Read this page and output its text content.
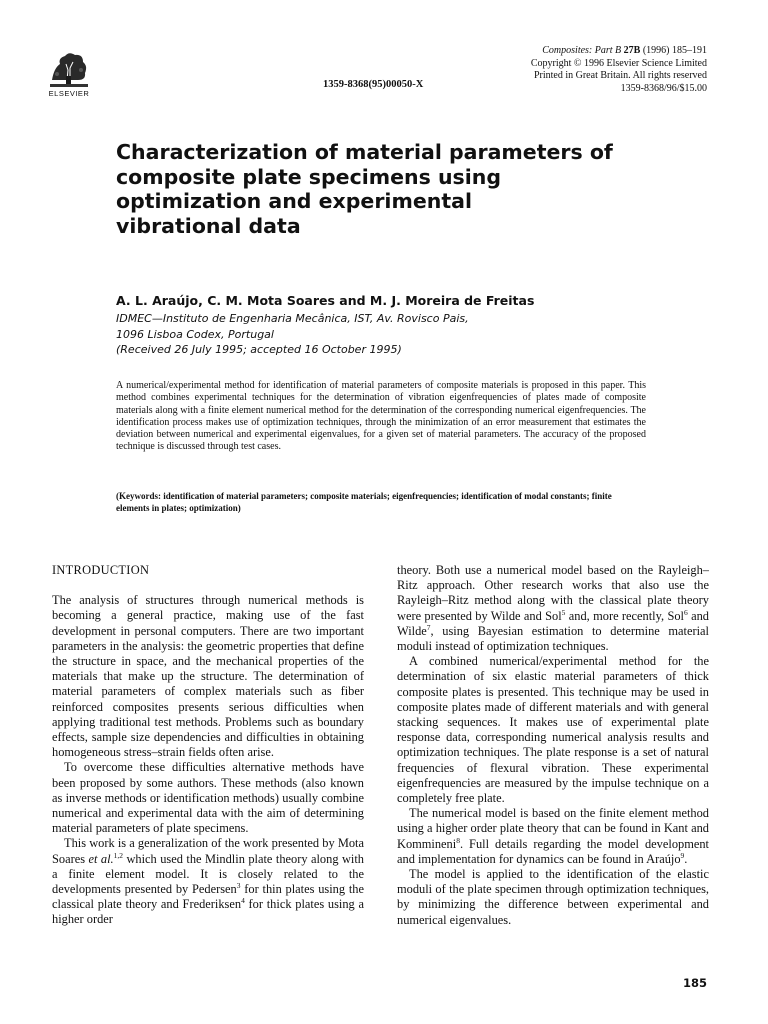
ELSEVIER
1359-8368(95)00050-X
Composites: Part B 27B (1996) 185–191
Copyright © 1996 Elsevier Science Limited
Printed in Great Britain. All rights reserved
1359-8368/96/$15.00
Characterization of material parameters of
composite plate specimens using
optimization and experimental
vibrational data
A. L. Araújo, C. M. Mota Soares and M. J. Moreira de Freitas
IDMEC—Instituto de Engenharia Mecânica, IST, Av. Rovisco Pais,
1096 Lisboa Codex, Portugal
(Received 26 July 1995; accepted 16 October 1995)
A numerical/experimental method for identification of material parameters of composite materials is proposed in this paper. This method combines experimental techniques for the determination of vibration eigenfrequencies of plates made of composite materials along with a finite element numerical method for the determination of the corresponding numerical eigenfrequencies. The identification process makes use of optimization techniques, through the minimization of an error measurement that estimates the deviation between numerical and experimental eigenvalues, for a given set of material parameters. The accuracy of the proposed technique is discussed through test cases.
(Keywords: identification of material parameters; composite materials; eigenfrequencies; identification of modal constants; finite elements in plates; optimization)
INTRODUCTION

The analysis of structures through numerical methods is becoming a general practice, making use of the fast development in personal computers. There are two important parameters in the analysis: the geometric properties that define the structure in space, and the mechanical properties of the materials that make up the structure. The determination of material parameters of complex materials such as fiber reinforced composites presents serious difficulties when applying traditional test methods. Problems such as boundary effects, sample size dependencies and difficulties in obtaining homogeneous stress–strain fields often arise.

To overcome these difficulties alternative methods have been proposed by some authors. These methods (also known as inverse methods or identification methods) usually combine numerical and experimental data with the aim of determining material parameters of plate specimens.

This work is a generalization of the work presented by Mota Soares et al.$^{1,2}$ which used the Mindlin plate theory along with a finite element model. It is closely related to the developments presented by Pedersen$^3$ for thin plates using the classical plate theory and Frederiksen$^4$ for thick plates using a higher order

theory. Both use a numerical model based on the Rayleigh–Ritz approach. Other research works that also use the Rayleigh–Ritz method along with the classical plate theory were presented by Wilde and Sol$^5$ and, more recently, Sol$^6$ and Wilde$^7$, using Bayesian estimation to determine material moduli instead of optimization techniques.

A combined numerical/experimental method for the determination of six elastic material parameters of thick composite plates is presented. This technique may be used in composite plates made of different materials and with general stacking sequences. It makes use of experimental plate response data, corresponding numerical analysis results and optimization techniques. The plate response is a set of natural frequencies of flexural vibration. These experimental eigenfrequencies are measured by the impulse technique on a completely free plate.

The numerical model is based on the finite element method using a higher order plate theory that can be found in Kant and Kommineni$^8$. Full details regarding the model development and implementation for dynamics can be found in Araújo$^9$.

The model is applied to the identification of the elastic moduli of the plate specimen through optimization techniques, by minimizing the difference between experimental and numerical eigenvalues.

185
